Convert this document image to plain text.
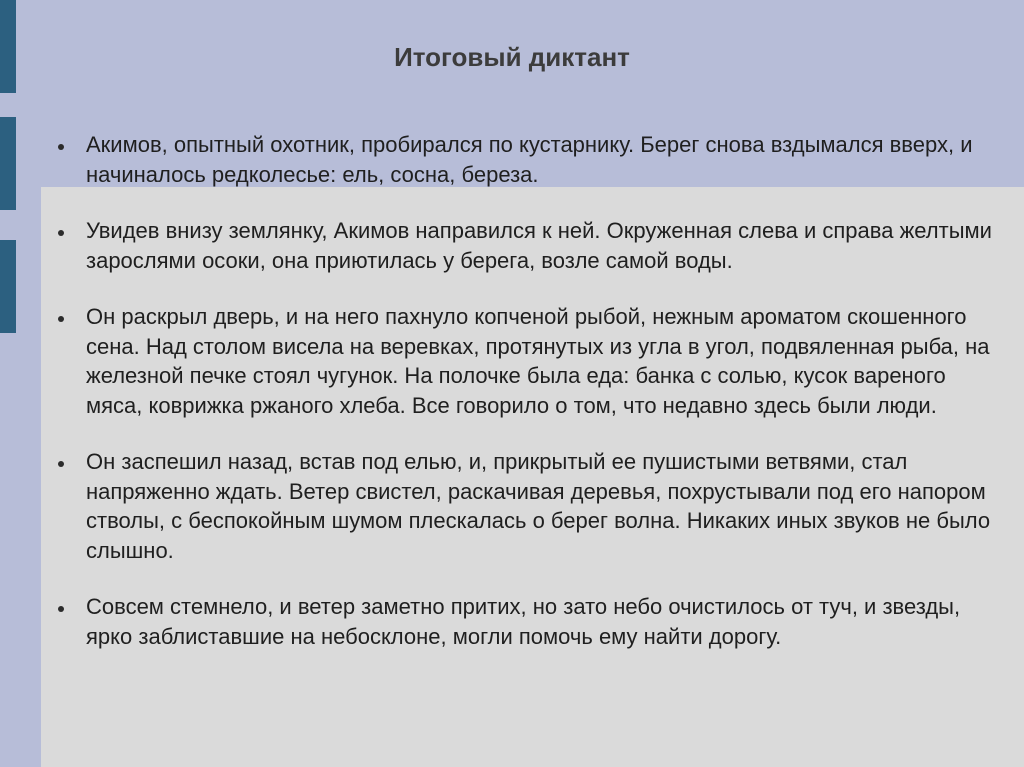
Итоговый диктант
Акимов, опытный охотник, пробирался по кустарнику. Берег снова вздымался вверх, и начиналось редколесье: ель, сосна, береза.
Увидев внизу землянку, Акимов направился к ней. Окруженная слева и справа желтыми зарослями осоки, она приютилась у берега, возле самой воды.
Он раскрыл дверь, и на него пахнуло копченой рыбой, нежным ароматом скошенного сена. Над столом висела на веревках, протянутых из угла в угол, подвяленная рыба, на железной печке стоял чугунок. На полочке была еда: банка с солью, кусок вареного мяса, коврижка ржаного хлеба. Все говорило о том, что недавно здесь были люди.
Он заспешил назад, встав под елью, и, прикрытый ее пушистыми ветвями, стал напряженно ждать. Ветер свистел, раскачивая деревья, похрустывали под его напором стволы, с беспокойным шумом плескалась о берег волна. Никаких иных звуков не было слышно.
Совсем стемнело, и ветер заметно притих, но зато небо очистилось от туч, и звезды, ярко заблиставшие на небосклоне, могли помочь ему найти дорогу.
